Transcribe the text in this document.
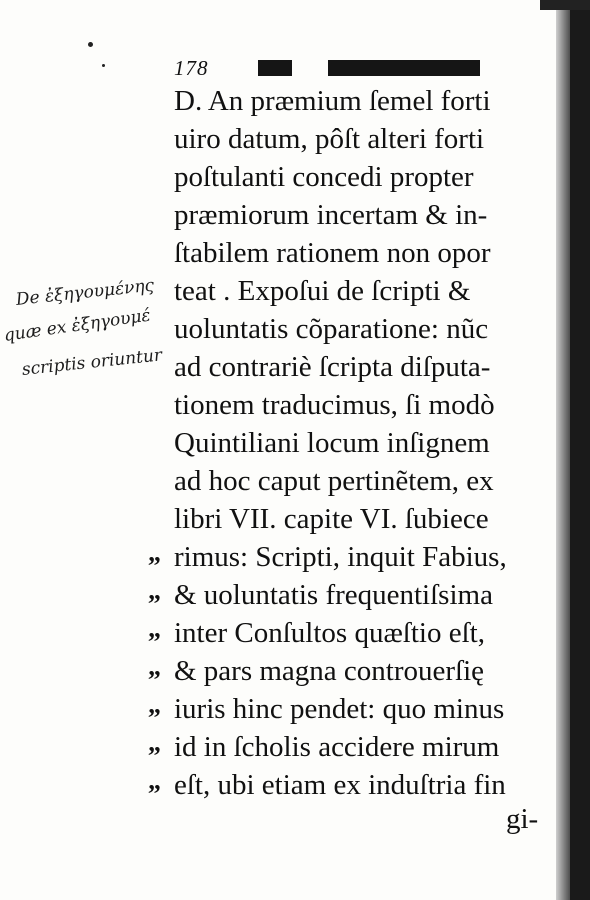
178
De ἐξηγουμένης
quæ ex ἐξηγουμέ
scriptis oriuntur
D. An præmium ſemel forti
uiro datum, pôſt alteri forti
poſtulanti concedi propter
præmiorum incertam & in-
ſtabilem rationem non opor
teat . Expoſui de ſcripti &
uoluntatis cõparatione: nũc
ad contrariè ſcripta diſputa-
tionem traducimus, ſi modò
Quintiliani locum inſignem
ad hoc caput pertinẽtem, ex
libri VII. capite VI. ſubiece
rimus: Scripti, inquit Fabius,
& uoluntatis frequentiſsima
inter Conſultos quæſtio eſt,
& pars magna controuerſię
iuris hinc pendet: quo minus
id in ſcholis accidere mirum
eſt, ubi etiam ex induſtria fin
„
„
„
„
„
„
„
gi-
